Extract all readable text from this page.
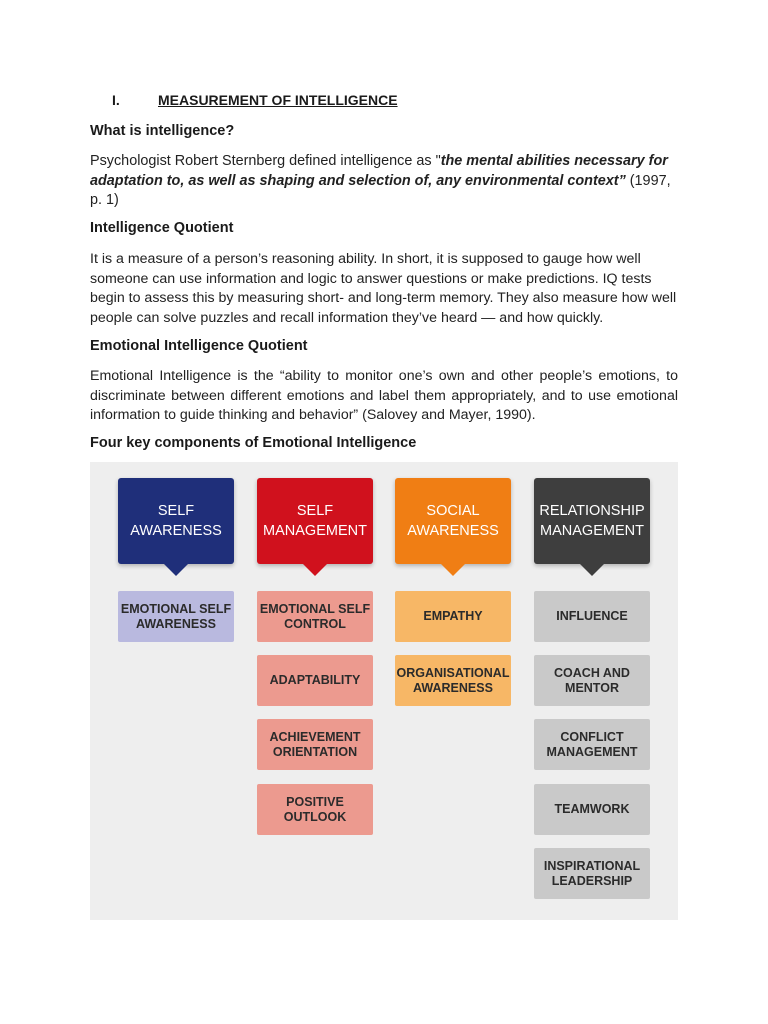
I.	MEASUREMENT OF INTELLIGENCE
What is intelligence?
Psychologist Robert Sternberg defined intelligence as "the mental abilities necessary for adaptation to, as well as shaping and selection of, any environmental context” (1997, p. 1)
Intelligence Quotient
It is a measure of a person’s reasoning ability. In short, it is supposed to gauge how well someone can use information and logic to answer questions or make predictions. IQ tests begin to assess this by measuring short- and long-term memory. They also measure how well people can solve puzzles and recall information they’ve heard — and how quickly.
Emotional Intelligence Quotient
Emotional Intelligence is the “ability to monitor one’s own and other people’s emotions, to discriminate between different emotions and label them appropriately, and to use emotional information to guide thinking and behavior” (Salovey and Mayer, 1990).
Four key components of Emotional Intelligence
SELF
AWARENESS
EMOTIONAL SELF
AWARENESS
SELF
MANAGEMENT
EMOTIONAL SELF
CONTROL
ADAPTABILITY
ACHIEVEMENT
ORIENTATION
POSITIVE
OUTLOOK
SOCIAL
AWARENESS
EMPATHY
ORGANISATIONAL
AWARENESS
RELATIONSHIP
MANAGEMENT
INFLUENCE
COACH AND
MENTOR
CONFLICT
MANAGEMENT
TEAMWORK
INSPIRATIONAL
LEADERSHIP
